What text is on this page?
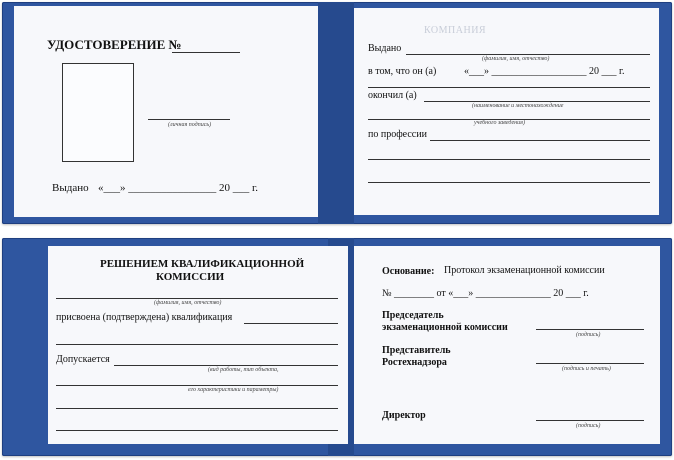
УДОСТОВЕРЕНИЕ №
(личная подпись)
Выдано «___» ________________ 20 ___ г.
КОМПАНИЯ
Выдано
(фамилия, имя, отчество)
в том, что он (а)	«___» ___________________ 20 ___ г.
окончил (а)
(наименование и местонахождение
учебного заведения)
по профессии
РЕШЕНИЕМ КВАЛИФИКАЦИОННОЙ
КОМИССИИ
(фамилия, имя, отчество)
присвоена (подтверждена) квалификация
Допускается
(вид работы, тип объекта,
его характеристики и параметры)
Основание: Протокол экзаменационной комиссии
№ ________ от «___» _______________ 20 ___ г.
Председатель
экзаменационной комиссии
(подпись)
Представитель
Ростехнадзора
(подпись и печать)
Директор
(подпись)
